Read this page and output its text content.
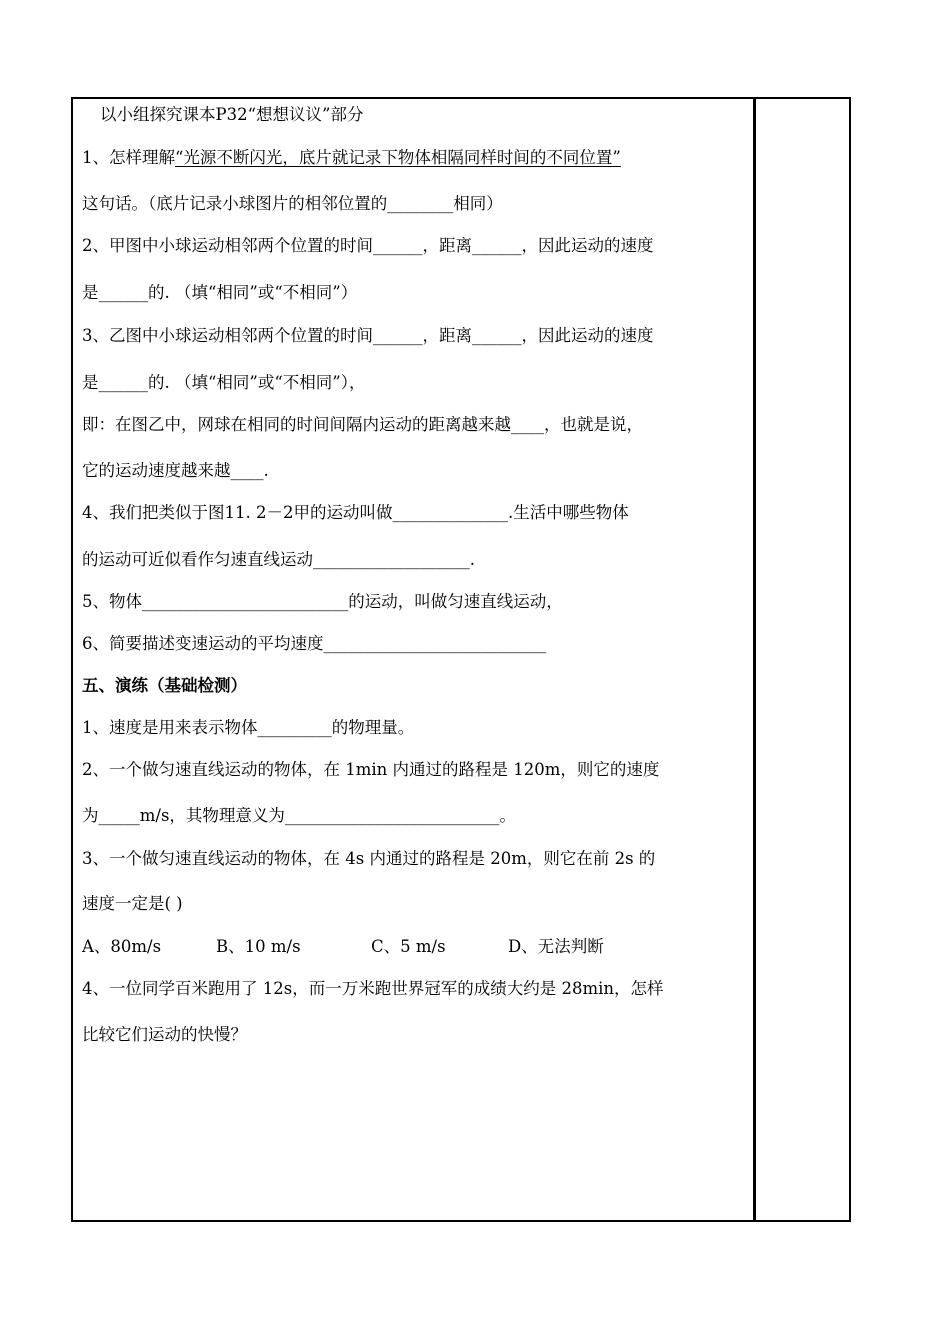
以小组探究课本P32“想想议议”部分
1、怎样理解“光源不断闪光，底片就记录下物体相隔同样时间的不同位置”
这句话。（底片记录小球图片的相邻位置的________相同）
2、甲图中小球运动相邻两个位置的时间______，距离______，因此运动的速度
是______的. （填“相同”或“不相同”）
3、乙图中小球运动相邻两个位置的时间______，距离______，因此运动的速度
是______的. （填“相同”或“不相同”），
即：在图乙中，网球在相同的时间间隔内运动的距离越来越____，也就是说，
它的运动速度越来越____.
4、我们把类似于图11. 2－2甲的运动叫做______________.生活中哪些物体
的运动可近似看作匀速直线运动___________________.
5、物体_________________________的运动，叫做匀速直线运动，
6、简要描述变速运动的平均速度___________________________
五、演练（基础检测）
1、速度是用来表示物体_________的物理量。
2、一个做匀速直线运动的物体，在 1min 内通过的路程是 120m，则它的速度
为_____m/s，其物理意义为__________________________。
3、一个做匀速直线运动的物体，在 4s 内通过的路程是 20m，则它在前 2s 的
速度一定是( )
A、80m/s	B、10 m/s	C、5 m/s	D、无法判断
4、一位同学百米跑用了 12s，而一万米跑世界冠军的成绩大约是 28min，怎样
比较它们运动的快慢？
